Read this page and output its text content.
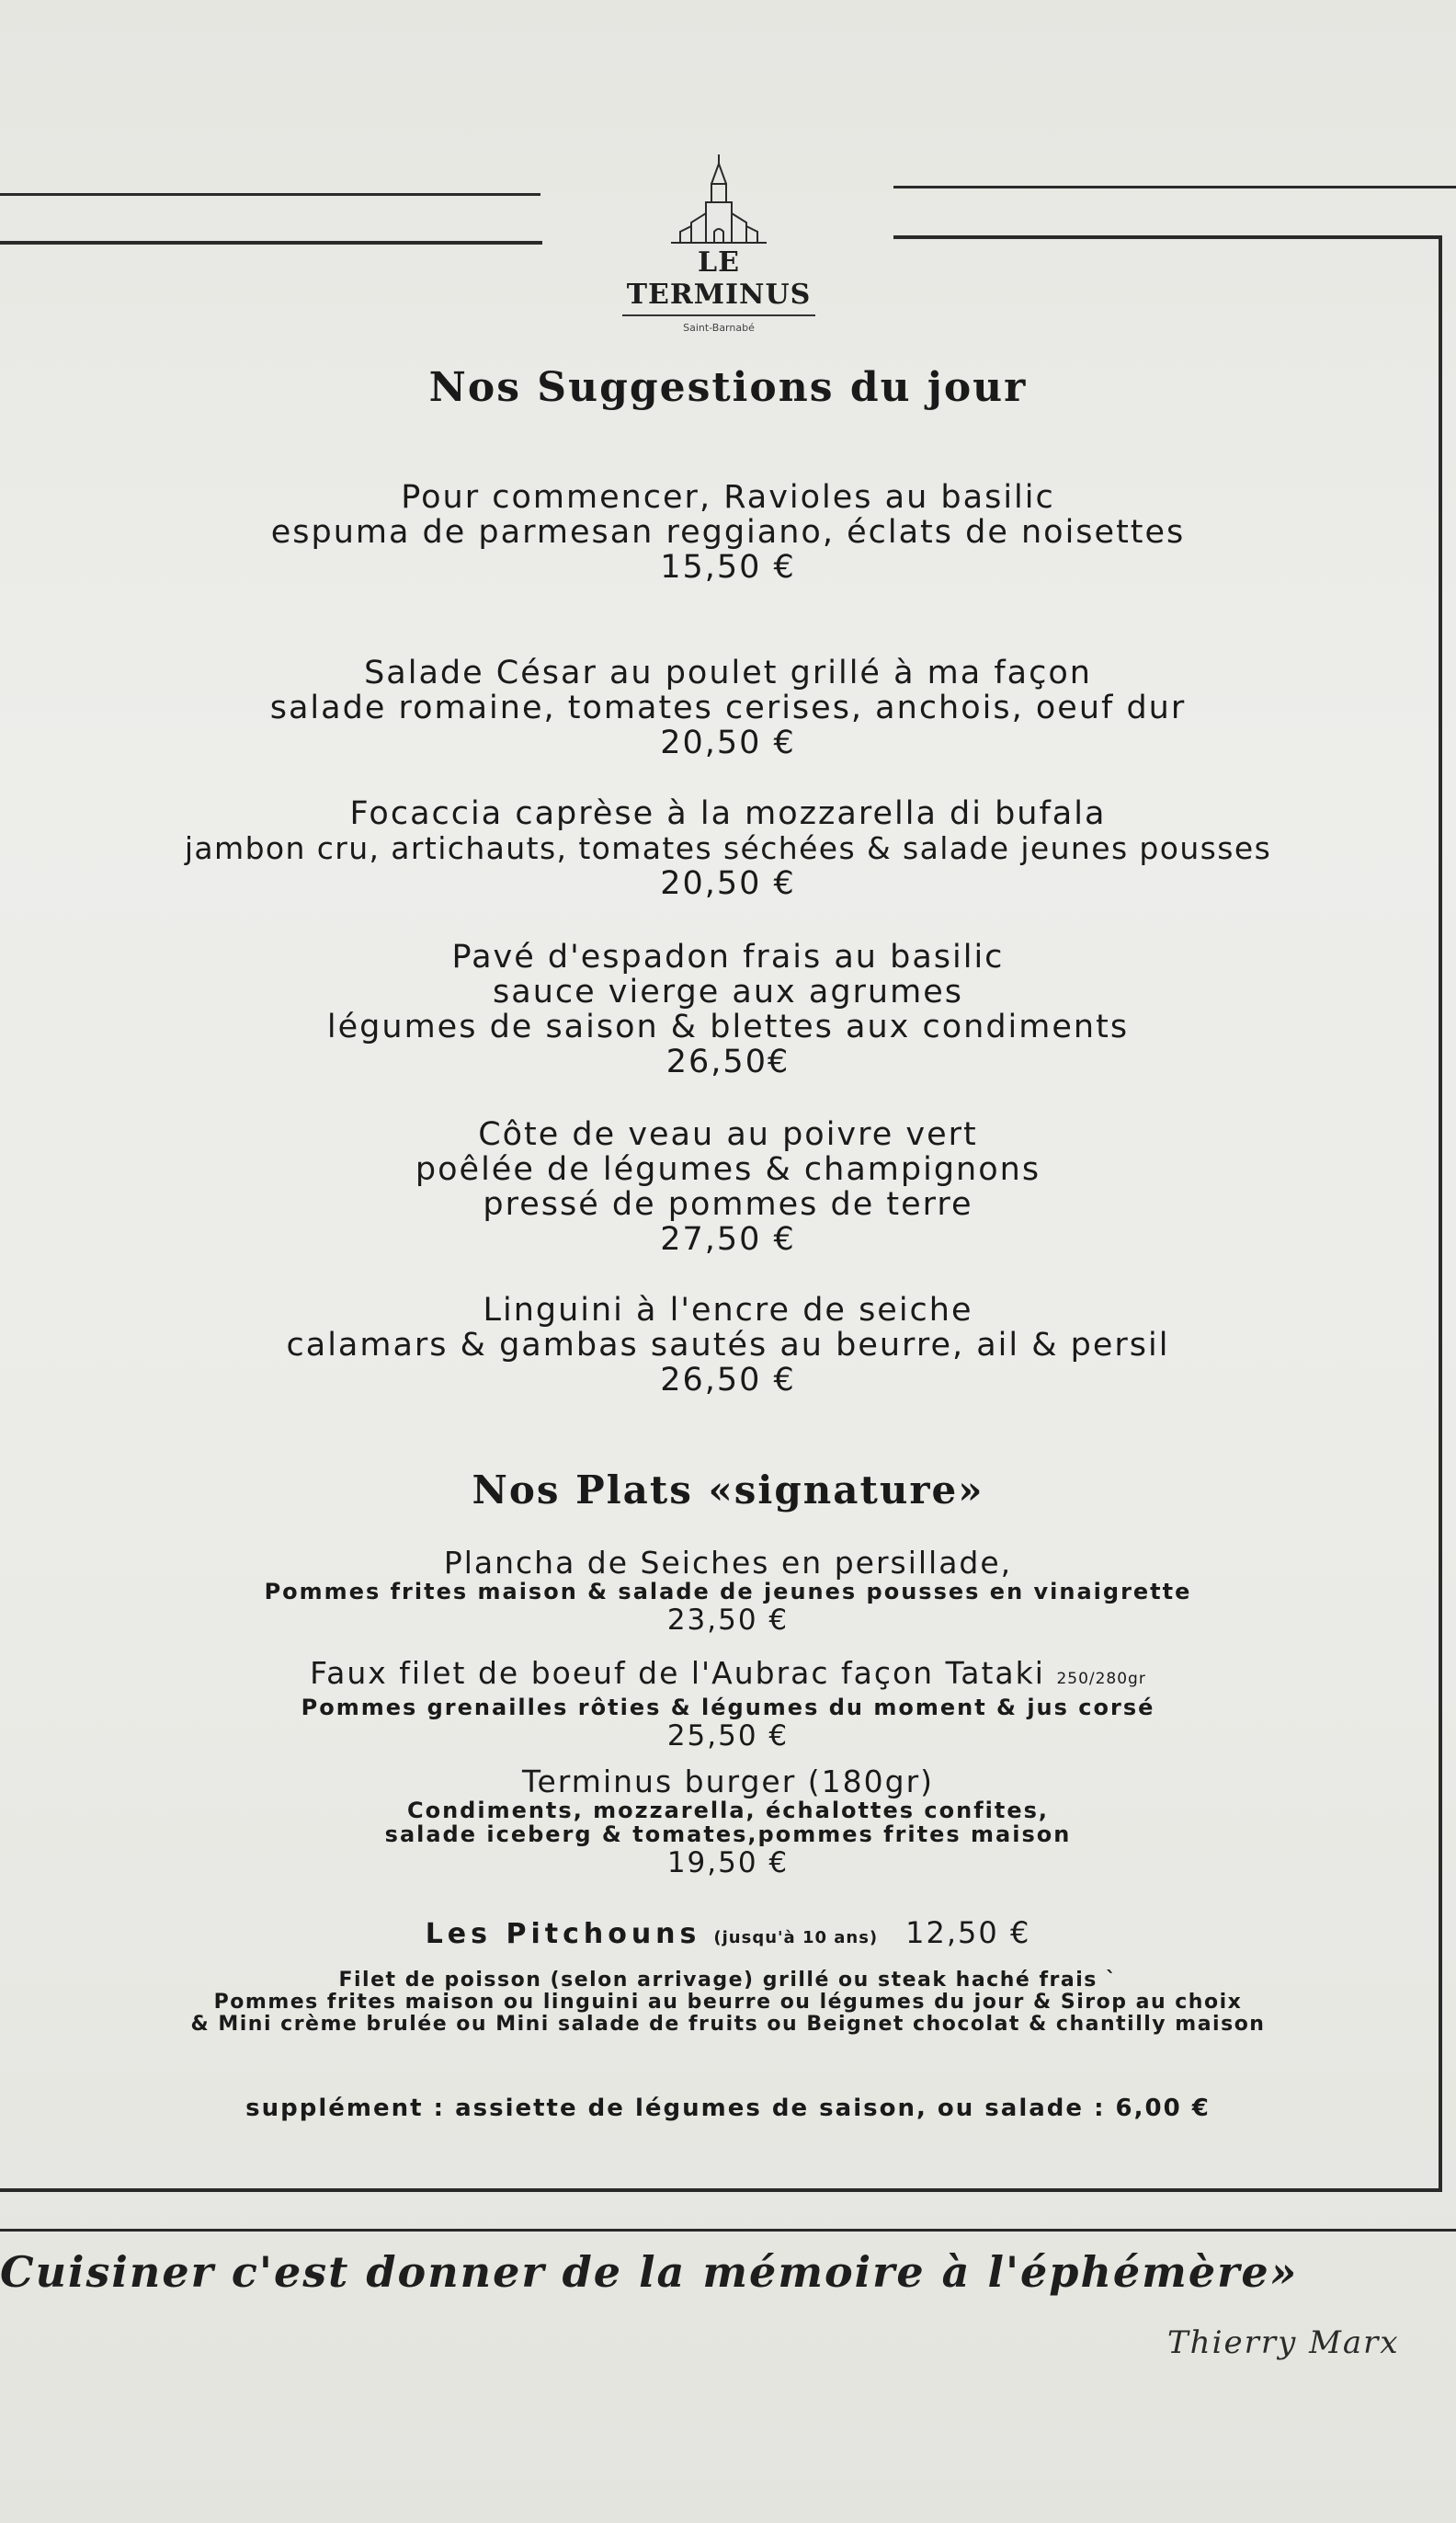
LE TERMINUS
Saint-Barnabé
Nos Suggestions du jour
Pour commencer, Ravioles au basilic
espuma de parmesan reggiano, éclats de noisettes
15,50 €
Salade César au poulet grillé à ma façon
salade romaine, tomates cerises, anchois, oeuf dur
20,50 €
Focaccia caprèse à la mozzarella di bufala
jambon cru, artichauts, tomates séchées & salade jeunes pousses
20,50 €
Pavé d'espadon frais au basilic
sauce vierge aux agrumes
légumes de saison & blettes aux condiments
26,50€
Côte de veau au poivre vert
poêlée de légumes & champignons
pressé de pommes de terre
27,50 €
Linguini à l'encre de seiche
calamars & gambas sautés au beurre, ail & persil
26,50 €
Nos Plats «signature»
Plancha de Seiches en persillade,
Pommes frites maison & salade de jeunes pousses en vinaigrette
23,50 €
Faux filet de boeuf de l'Aubrac façon Tataki 250/280gr
Pommes grenailles rôties & légumes du moment & jus corsé
25,50 €
Terminus burger (180gr)
Condiments, mozzarella, échalottes confites,
salade iceberg & tomates,pommes frites maison
19,50 €
Les Pitchouns (jusqu'à 10 ans) 12,50 €
Filet de poisson (selon arrivage) grillé ou steak haché frais `
Pommes frites maison ou linguini au beurre ou légumes du jour & Sirop au choix
& Mini crème brulée ou Mini salade de fruits ou Beignet chocolat & chantilly maison
supplément : assiette de légumes de saison, ou salade : 6,00 €
Cuisiner c'est donner de la mémoire à l'éphémère»
Thierry Marx
